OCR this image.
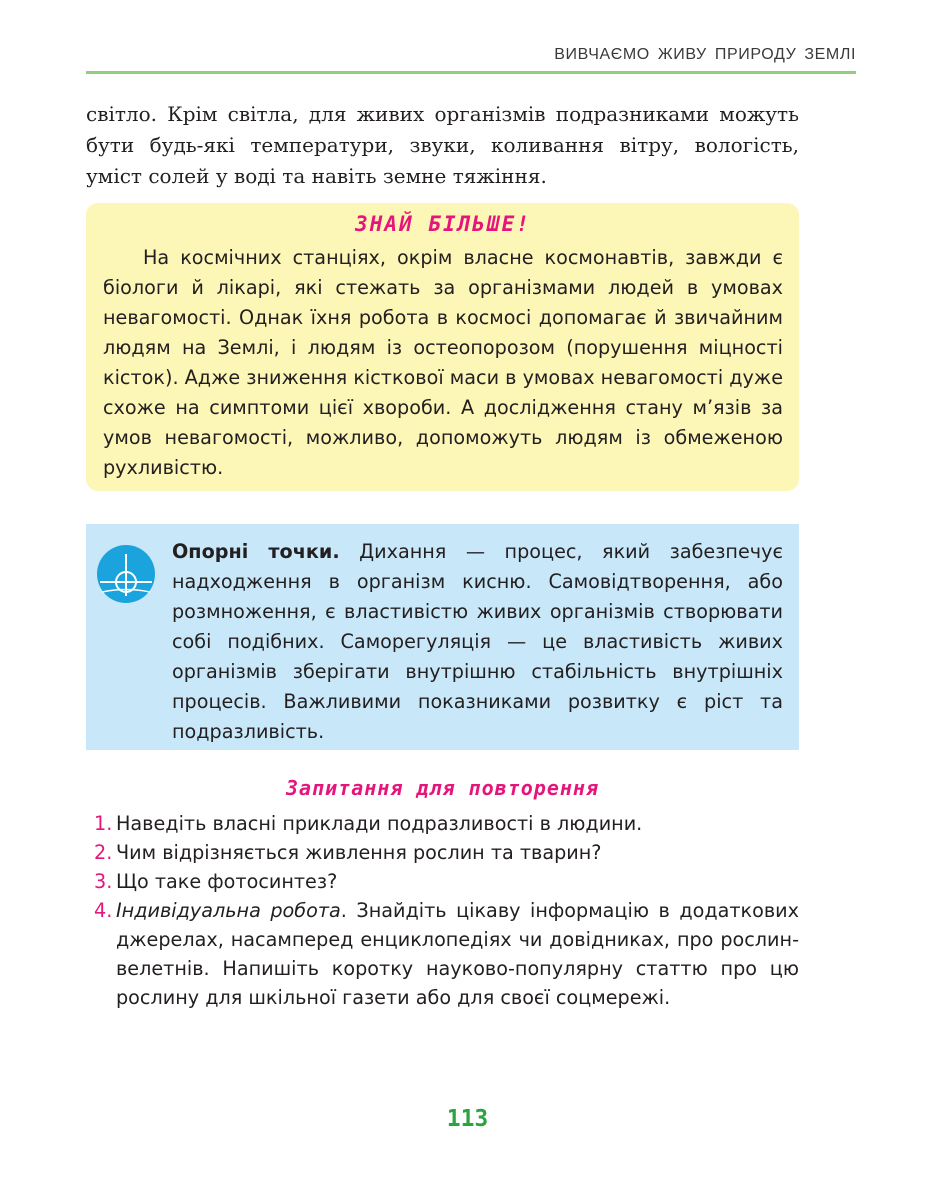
ВИВЧАЄМО ЖИВУ ПРИРОДУ ЗЕМЛІ

світло. Крім світла, для живих організмів подразниками можуть бути будь-які температури, звуки, коливання вітру, вологість, уміст солей у воді та навіть земне тяжіння.

ЗНАЙ БІЛЬШЕ!

На космічних станціях, окрім власне космонавтів, завжди є біологи й лікарі, які стежать за організмами людей в умовах невагомості. Однак їхня робота в космосі допомагає й звичайним людям на Землі, і людям із остеопорозом (порушення міцності кісток). Адже зниження кісткової маси в умовах невагомості дуже схоже на симптоми цієї хвороби. А дослідження стану м’язів за умов невагомості, можливо, допоможуть людям із обмеженою рухливістю.

Опорні точки. Дихання — процес, який забезпечує надходження в організм кисню. Самовідтворення, або розмноження, є властивістю живих організмів створювати собі подібних. Саморегуляція — це властивість живих організмів зберігати внутрішню стабільність внутрішніх процесів. Важливими показниками розвитку є ріст та подразливість.

Запитання для повторення

1. Наведіть власні приклади подразливості в людини.
2. Чим відрізняється живлення рослин та тварин?
3. Що таке фотосинтез?
4. Індивідуальна робота. Знайдіть цікаву інформацію в додаткових джерелах, насамперед енциклопедіях чи довідниках, про рослин-велетнів. Напишіть коротку науково-популярну статтю про цю рослину для шкільної газети або для своєї соцмережі.
113
